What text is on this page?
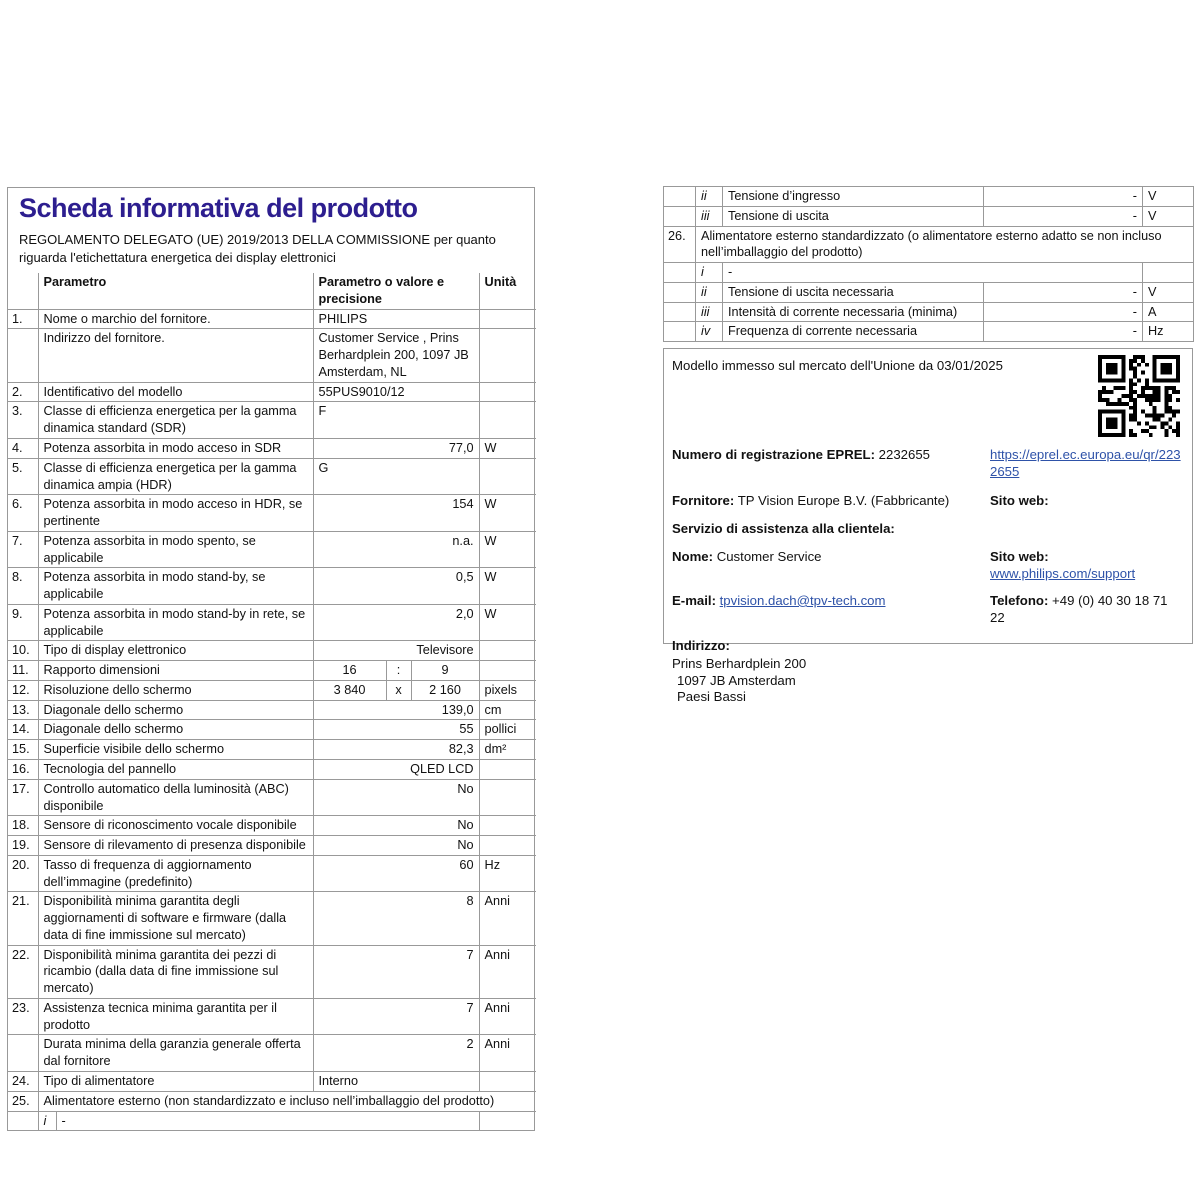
Scheda informativa del prodotto

REGOLAMENTO DELEGATO (UE) 2019/2013 DELLA COMMISSIONE per quanto riguarda l'etichettatura energetica dei display elettronici

	Parametro		Parametro o valore e precisione			Unità
1.	Nome o marchio del fornitore.		PHILIPS			
	Indirizzo del fornitore.		Customer Service , Prins Berhardplein 200, 1097 JB Amsterdam, NL			
2.	Identificativo del modello		55PUS9010/12			
3.	Classe di efficienza energetica per la gamma dinamica standard (SDR)		F			
4.	Potenza assorbita in modo acceso in SDR		77,0			W
5.	Classe di efficienza energetica per la gamma dinamica ampia (HDR)		G			
6.	Potenza assorbita in modo acceso in HDR, se pertinente		154			W
7.	Potenza assorbita in modo spento, se applicabile		n.a.			W
8.	Potenza assorbita in modo stand-by, se applicabile		0,5			W
9.	Potenza assorbita in modo stand-by in rete, se applicabile		2,0			W
10.	Tipo di display elettronico		Televisore			
11.	Rapporto dimensioni		16	:	9	
12.	Risoluzione dello schermo		3 840	x	2 160	pixels
13.	Diagonale dello schermo		139,0			cm
14.	Diagonale dello schermo		55			pollici
15.	Superficie visibile dello schermo		82,3			dm²
16.	Tecnologia del pannello		QLED LCD			
17.	Controllo automatico della luminosità (ABC) disponibile		No			
18.	Sensore di riconoscimento vocale disponibile		No			
19.	Sensore di rilevamento di presenza disponibile		No			
20.	Tasso di frequenza di aggiornamento dell’immagine (predefinito)		60			Hz
21.	Disponibilità minima garantita degli aggiornamenti di software e firmware (dalla data di fine immissione sul mercato)		8			Anni
22.	Disponibilità minima garantita dei pezzi di ricambio (dalla data di fine immissione sul mercato)		7			Anni
23.	Assistenza tecnica minima garantita per il prodotto		7			Anni
	Durata minima della garanzia generale offerta dal fornitore		2			Anni
24.	Tipo di alimentatore		Interno			
25.	Alimentatore esterno (non standardizzato e incluso nell’imballaggio del prodotto)					
	i	-				
	ii	Tensione d’ingresso	-	V
	iii	Tensione di uscita	-	V
26.	Alimentatore esterno standardizzato (o alimentatore esterno adatto se non incluso nell’imballaggio del prodotto)			
	i	-		
	ii	Tensione di uscita necessaria	-	V
	iii	Intensità di corrente necessaria (minima)	-	A
	iv	Frequenza di corrente necessaria	-	Hz
Modello immesso sul mercato dell'Unione da 03/01/2025
Numero di registrazione EPREL: 2232655	https://eprel.ec.europa.eu/qr/2232655
Fornitore: TP Vision Europe B.V. (Fabbricante)	Sito web:
Servizio di assistenza alla clientela:
Nome: Customer Service	Sito web: www.philips.com/support
E-mail: tpvision.dach@tpv-tech.com	Telefono: +49 (0) 40 30 18 71 22
Indirizzo:
Prins Berhardplein 200
1097 JB Amsterdam
Paesi Bassi
